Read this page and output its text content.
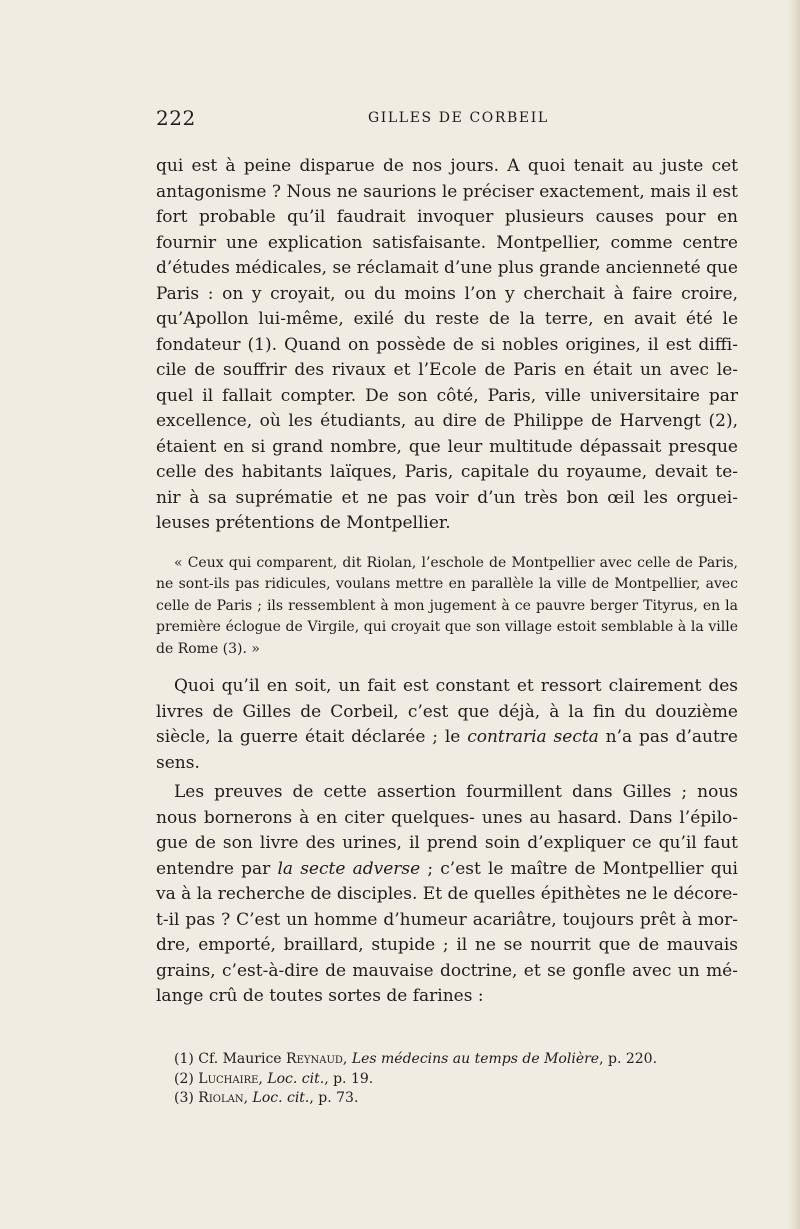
222	GILLES DE CORBEIL

qui est à peine disparue de nos jours. A quoi tenait au juste cet antagonisme ? Nous ne saurions le préciser exactement, mais il est fort probable qu’il faudrait invoquer plusieurs causes pour en fournir une explication satisfaisante. Montpellier, comme centre d’études médicales, se réclamait d’une plus grande ancienneté que Paris : on y croyait, ou du moins l’on y cherchait à faire croire, qu’Apollon lui-même, exilé du reste de la terre, en avait été le fondateur (1). Quand on possède de si nobles origines, il est diffi-cile de souffrir des rivaux et l’Ecole de Paris en était un avec le-quel il fallait compter. De son côté, Paris, ville universitaire par excellence, où les étudiants, au dire de Philippe de Harvengt (2), étaient en si grand nombre, que leur multitude dépassait presque celle des habitants laïques, Paris, capitale du royaume, devait te-nir à sa suprématie et ne pas voir d’un très bon œil les orguei-leuses prétentions de Montpellier.

« Ceux qui comparent, dit Riolan, l’eschole de Montpellier avec celle de Paris, ne sont-ils pas ridicules, voulans mettre en parallèle la ville de Montpellier, avec celle de Paris ; ils ressemblent à mon jugement à ce pauvre berger Tityrus, en la première éclogue de Virgile, qui croyait que son village estoit semblable à la ville de Rome (3). »

Quoi qu’il en soit, un fait est constant et ressort clairement des livres de Gilles de Corbeil, c’est que déjà, à la fin du douzième siècle, la guerre était déclarée ; le contraria secta n’a pas d’autre sens.

Les preuves de cette assertion fourmillent dans Gilles ; nous nous bornerons à en citer quelques- unes au hasard. Dans l’épilo-gue de son livre des urines, il prend soin d’expliquer ce qu’il faut entendre par la secte adverse ; c’est le maître de Montpellier qui va à la recherche de disciples. Et de quelles épithètes ne le décore-t-il pas ? C’est un homme d’humeur acariâtre, toujours prêt à mor-dre, emporté, braillard, stupide ; il ne se nourrit que de mauvais grains, c’est-à-dire de mauvaise doctrine, et se gonfle avec un mé-lange crû de toutes sortes de farines :

(1) Cf. Maurice Reynaud, Les médecins au temps de Molière, p. 220.
(2) Luchaire, Loc. cit., p. 19.
(3) Riolan, Loc. cit., p. 73.
